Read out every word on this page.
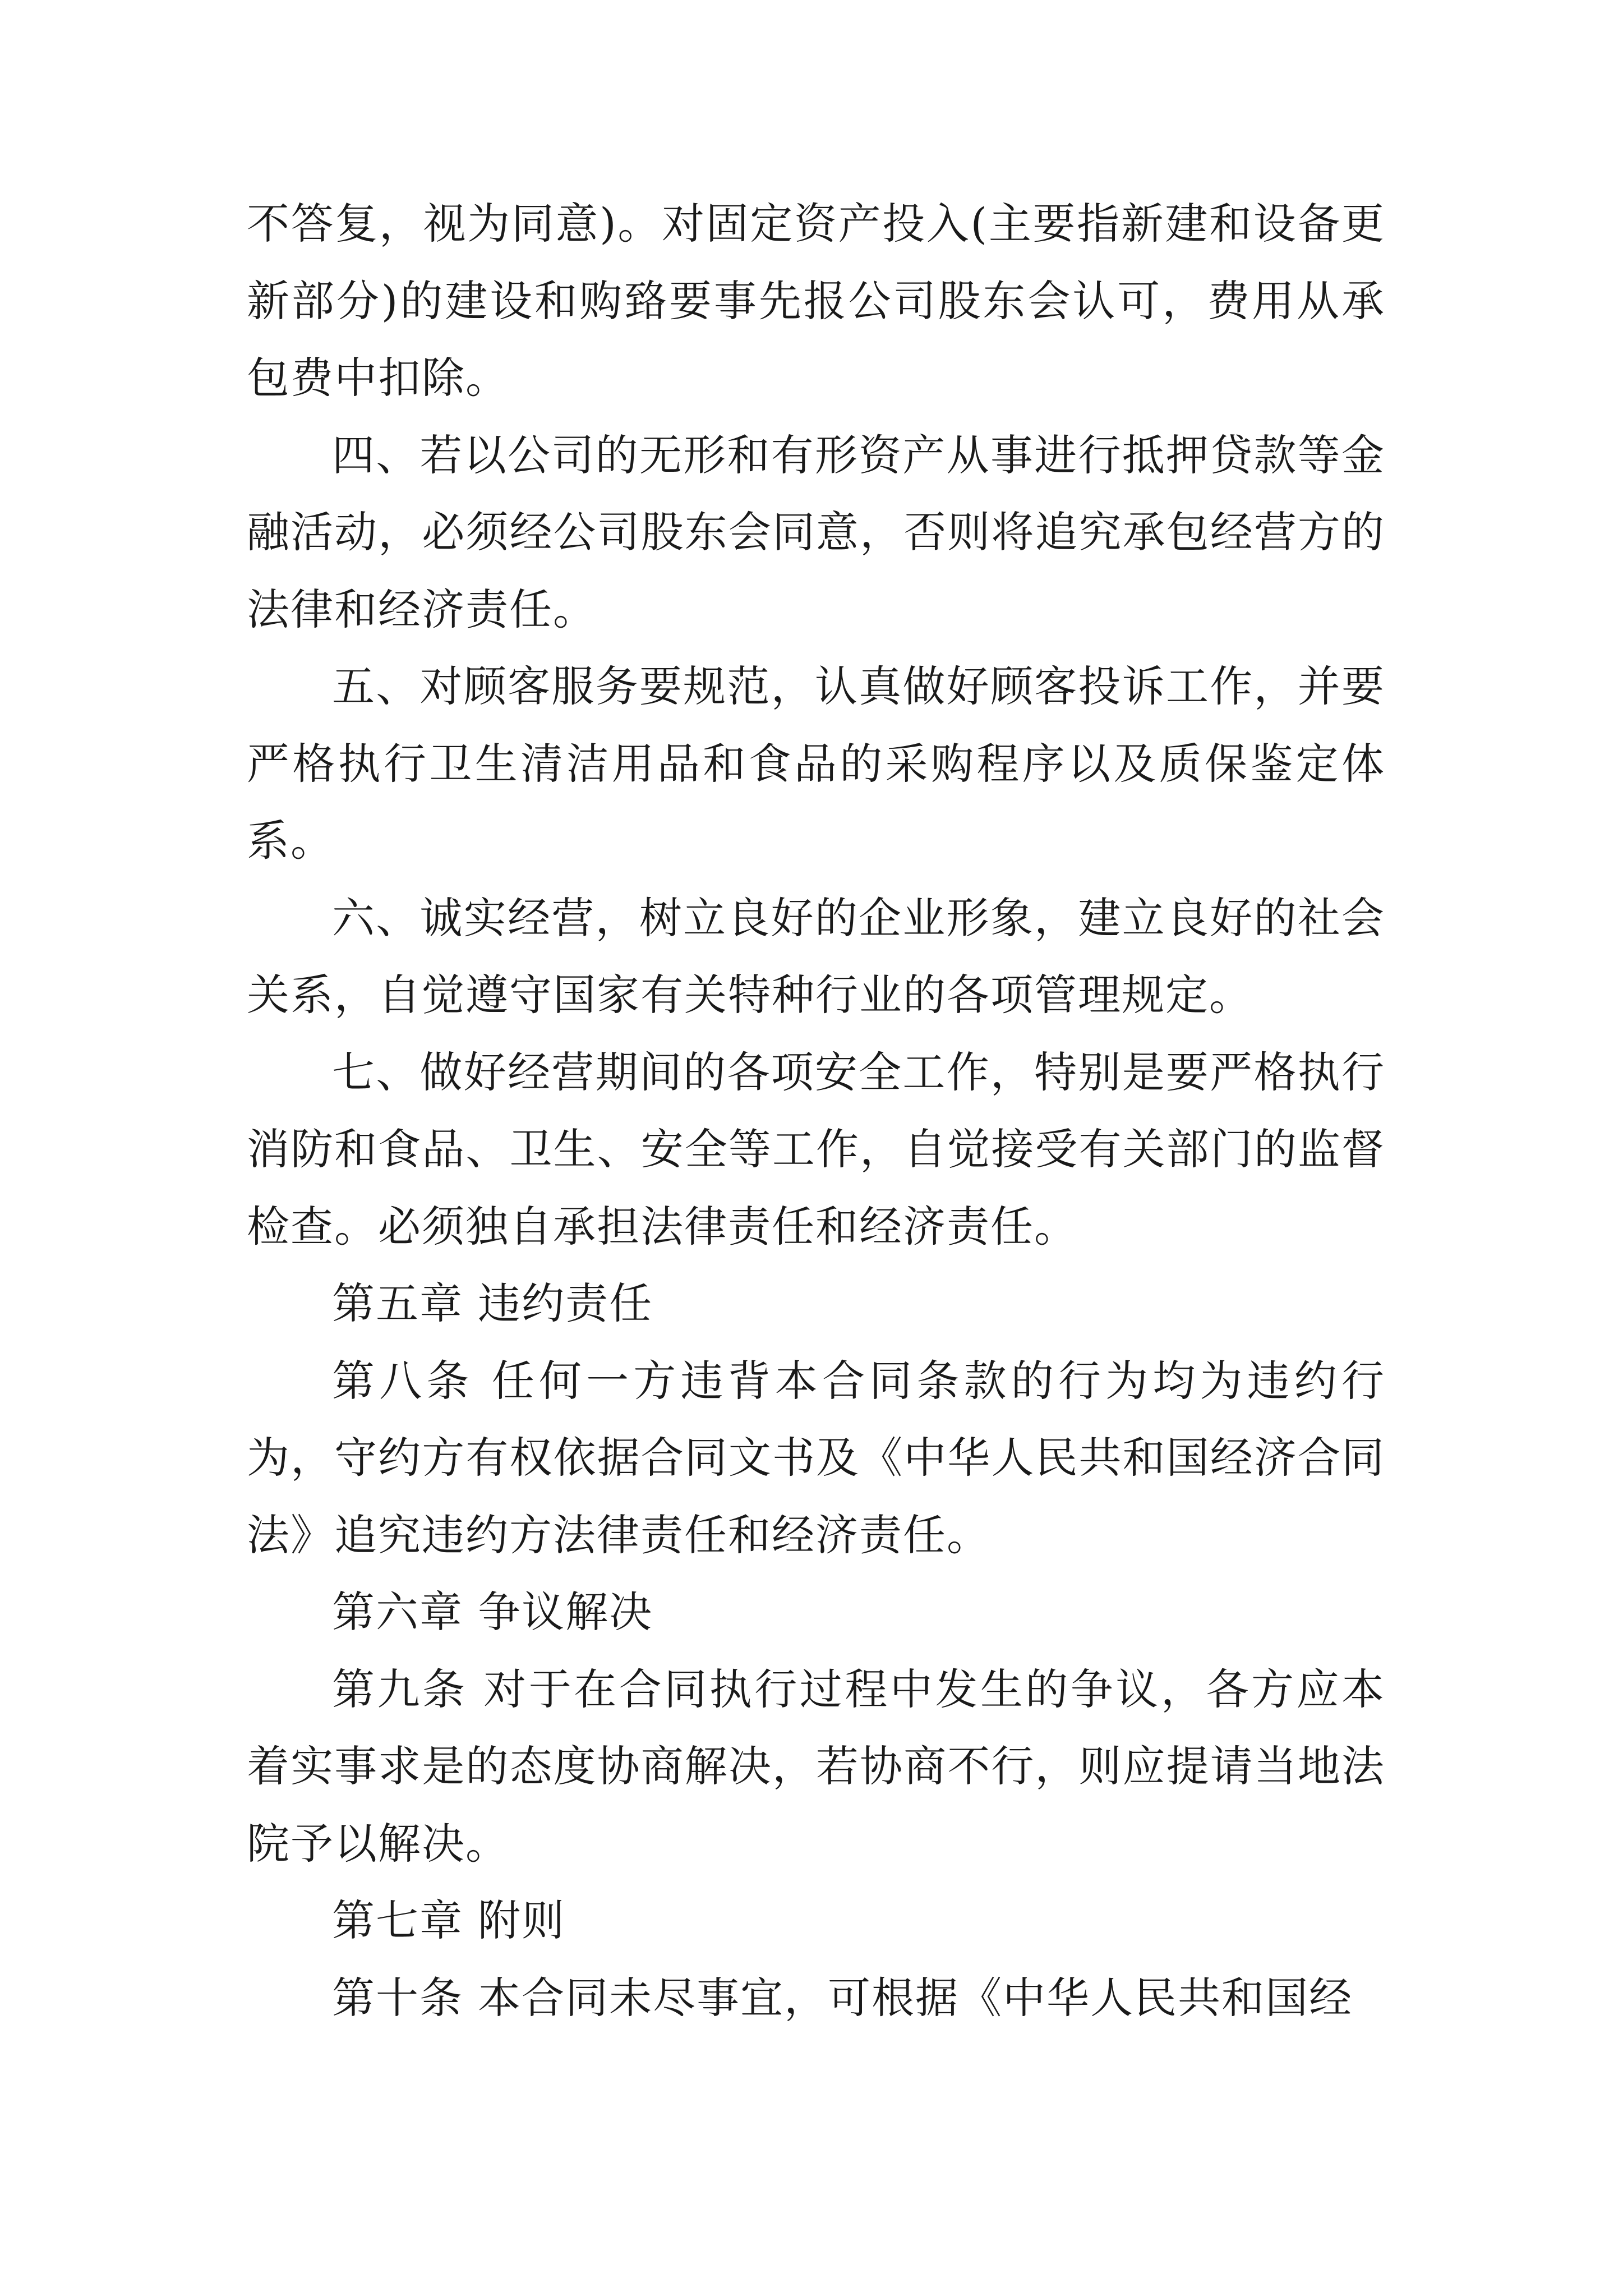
不答复，视为同意)。对固定资产投入(主要指新建和设备更新部分)的建设和购臵要事先报公司股东会认可，费用从承包费中扣除。

四、若以公司的无形和有形资产从事进行抵押贷款等金融活动，必须经公司股东会同意，否则将追究承包经营方的法律和经济责任。

五、对顾客服务要规范，认真做好顾客投诉工作，并要严格执行卫生清洁用品和食品的采购程序以及质保鉴定体系。

六、诚实经营，树立良好的企业形象，建立良好的社会关系，自觉遵守国家有关特种行业的各项管理规定。

七、做好经营期间的各项安全工作，特别是要严格执行消防和食品、卫生、安全等工作，自觉接受有关部门的监督检查。必须独自承担法律责任和经济责任。

第五章 违约责任

第八条 任何一方违背本合同条款的行为均为违约行为，守约方有权依据合同文书及《中华人民共和国经济合同法》追究违约方法律责任和经济责任。

第六章 争议解决

第九条 对于在合同执行过程中发生的争议，各方应本着实事求是的态度协商解决，若协商不行，则应提请当地法院予以解决。

第七章 附则

第十条 本合同未尽事宜，可根据《中华人民共和国经
